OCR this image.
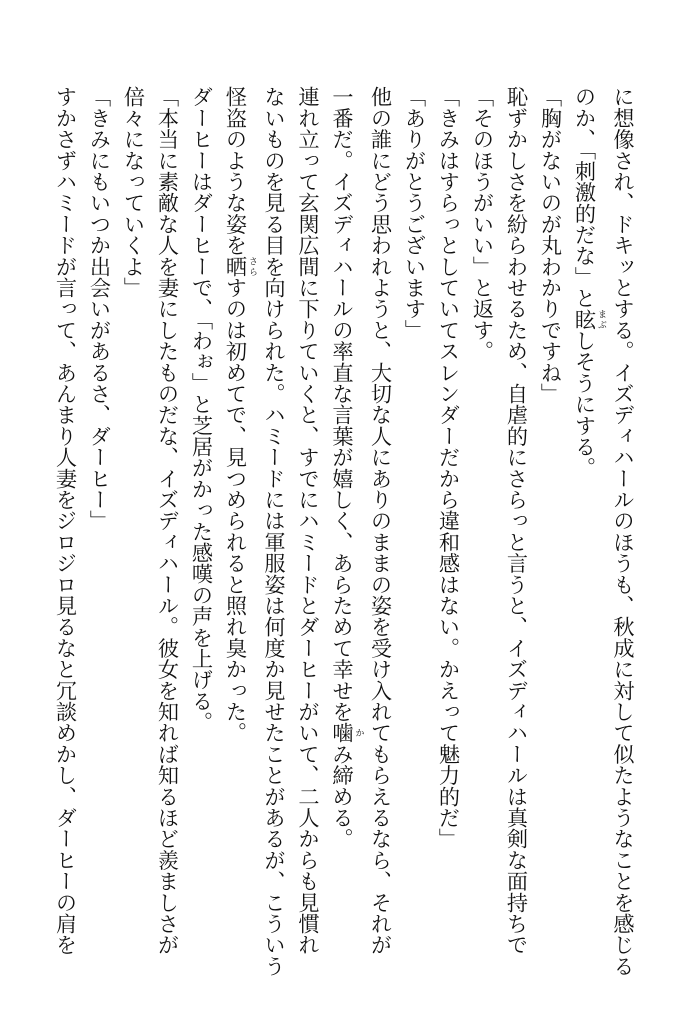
に想像され、ドキッとする。イズディハールのほうも、秋成に対して似たようなことを感じる
のか、「刺激的だな」と眩まぶしそうにする。
「胸がないのが丸わかりですね」
恥ずかしさを紛らわせるため、自虐的にさらっと言うと、イズディハールは真剣な面持ちで
「そのほうがいい」と返す。
「きみはすらっとしていてスレンダーだから違和感はない。かえって魅力的だ」
「ありがとうございます」
他の誰にどう思われようと、大切な人にありのままの姿を受け入れてもらえるなら、それが
一番だ。イズディハールの率直な言葉が嬉しく、あらためて幸せを噛かみ締める。
連れ立って玄関広間に下りていくと、すでにハミードとダーヒーがいて、二人からも見慣れ
ないものを見る目を向けられた。ハミードには軍服姿は何度か見せたことがあるが、こういう
怪盗のような姿を晒さらすのは初めてで、見つめられると照れ臭かった。
ダーヒーはダーヒーで、「わぉ」と芝居がかった感嘆の声を上げる。
「本当に素敵な人を妻にしたものだな、イズディハール。彼女を知れば知るほど羨ましさが
倍々になっていくよ」
「きみにもいつか出会いがあるさ、ダーヒー」
すかさずハミードが言って、あんまり人妻をジロジロ見るなと冗談めかし、ダーヒーの肩を
